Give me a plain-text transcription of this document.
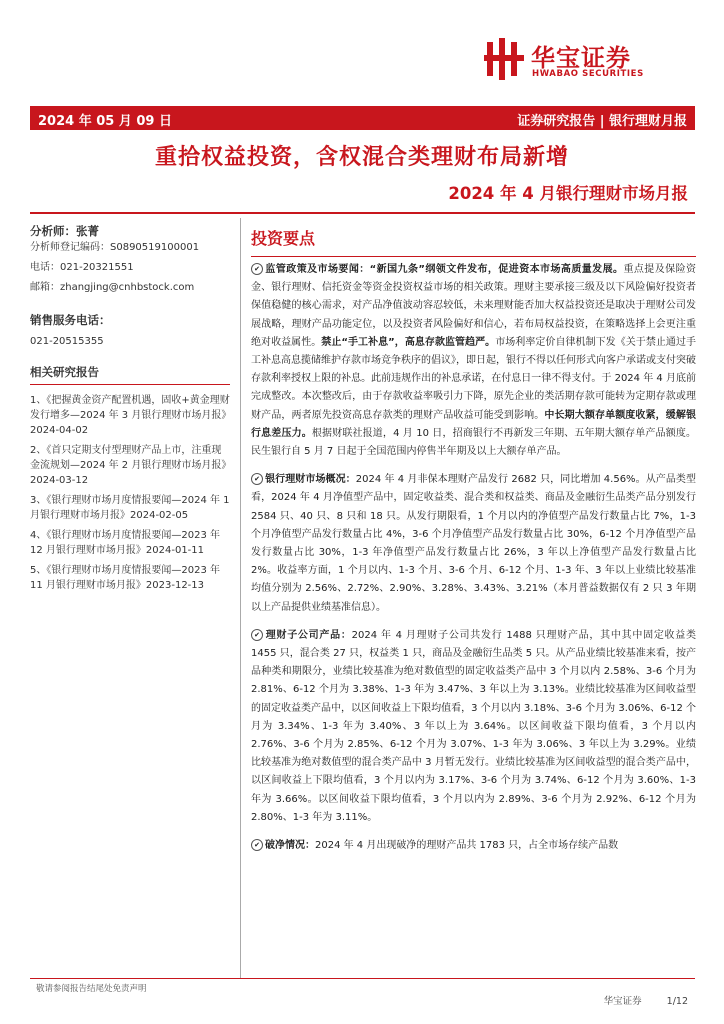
华宝证券
HWABAO SECURITIES
2024 年 05 月 09 日	证券研究报告 | 银行理财月报
重拾权益投资，含权混合类理财布局新增
2024 年 4 月银行理财市场月报

分析师：张菁

分析师登记编码：S0890519100001

电话：021-20321551

邮箱：zhangjing@cnhbstock.com

销售服务电话：

021-20515355

相关研究报告

1、《把握黄金资产配置机遇，固收+黄金理财发行增多—2024 年 3 月银行理财市场月报》2024-04-02
2、《首只定期支付型理财产品上市，注重现金流规划—2024 年 2 月银行理财市场月报》2024-03-12
3、《银行理财市场月度情报要闻—2024 年 1 月银行理财市场月报》2024-02-05
4、《银行理财市场月度情报要闻—2023 年 12 月银行理财市场月报》2024-01-11
5、《银行理财市场月度情报要闻—2023 年 11 月银行理财市场月报》2023-12-13
投资要点

✔ 监管政策及市场要闻：“新国九条”纲领文件发布，促进资本市场高质量发展。重点提及保险资金、银行理财、信托资金等资金投资权益市场的相关政策。理财主要承接三级及以下风险偏好投资者保值稳健的核心需求，对产品净值波动容忍较低，未来理财能否加大权益投资还是取决于理财公司发展战略，理财产品功能定位，以及投资者风险偏好和信心，若布局权益投资，在策略选择上会更注重绝对收益属性。禁止“手工补息”，高息存款监管趋严。市场利率定价自律机制下发《关于禁止通过手工补息高息揽储维护存款市场竞争秩序的倡议》，即日起，银行不得以任何形式向客户承诺或支付突破存款利率授权上限的补息。此前违规作出的补息承诺，在付息日一律不得支付。于 2024 年 4 月底前完成整改。本次整改后，由于存款收益率吸引力下降，原先企业的类活期存款可能转为定期存款或理财产品，两者原先投资高息存款类的理财产品收益可能受到影响。中长期大额存单额度收紧，缓解银行息差压力。根据财联社报道，4 月 10 日，招商银行不再新发三年期、五年期大额存单产品额度。民生银行自 5 月 7 日起于全国范围内停售半年期及以上大额存单产品。

✔ 银行理财市场概况：2024 年 4 月非保本理财产品发行 2682 只，同比增加 4.56%。从产品类型看，2024 年 4 月净值型产品中，固定收益类、混合类和权益类、商品及金融衍生品类产品分别发行 2584 只、40 只、8 只和 18 只。从发行期限看，1 个月以内的净值型产品发行数量占比 7%，1-3 个月净值型产品发行数量占比 4%，3-6 个月净值型产品发行数量占比 30%，6-12 个月净值型产品发行数量占比 30%，1-3 年净值型产品发行数量占比 26%，3 年以上净值型产品发行数量占比 2%。收益率方面，1 个月以内、1-3 个月、3-6 个月、6-12 个月、1-3 年、3 年以上业绩比较基准均值分别为 2.56%、2.72%、2.90%、3.28%、3.43%、3.21%（本月普益数据仅有 2 只 3 年期以上产品提供业绩基准信息）。

✔ 理财子公司产品：2024 年 4 月理财子公司共发行 1488 只理财产品，其中其中固定收益类 1455 只，混合类 27 只，权益类 1 只，商品及金融衍生品类 5 只。从产品业绩比较基准来看，按产品种类和期限分，业绩比较基准为绝对数值型的固定收益类产品中 3 个月以内 2.58%、3-6 个月为 2.81%、6-12 个月为 3.38%、1-3 年为 3.47%、3 年以上为 3.13%。业绩比较基准为区间收益型的固定收益类产品中，以区间收益上下限均值看，3 个月以内 3.18%、3-6 个月为 3.06%、6-12 个月为 3.34%、1-3 年为 3.40%、3 年以上为 3.64%。以区间收益下限均值看，3 个月以内 2.76%、3-6 个月为 2.85%、6-12 个月为 3.07%、1-3 年为 3.06%、3 年以上为 3.29%。业绩比较基准为绝对数值型的混合类产品中 3 月暂无发行。业绩比较基准为区间收益型的混合类产品中，以区间收益上下限均值看，3 个月以内为 3.17%、3-6 个月为 3.74%、6-12 个月为 3.60%、1-3 年为 3.66%。以区间收益下限均值看，3 个月以内为 2.89%、3-6 个月为 2.92%、6-12 个月为 2.80%、1-3 年为 3.11%。

✔ 破净情况：2024 年 4 月出现破净的理财产品共 1783 只，占全市场存续产品数

敬请参阅报告结尾处免责声明
华宝证券	1/12
